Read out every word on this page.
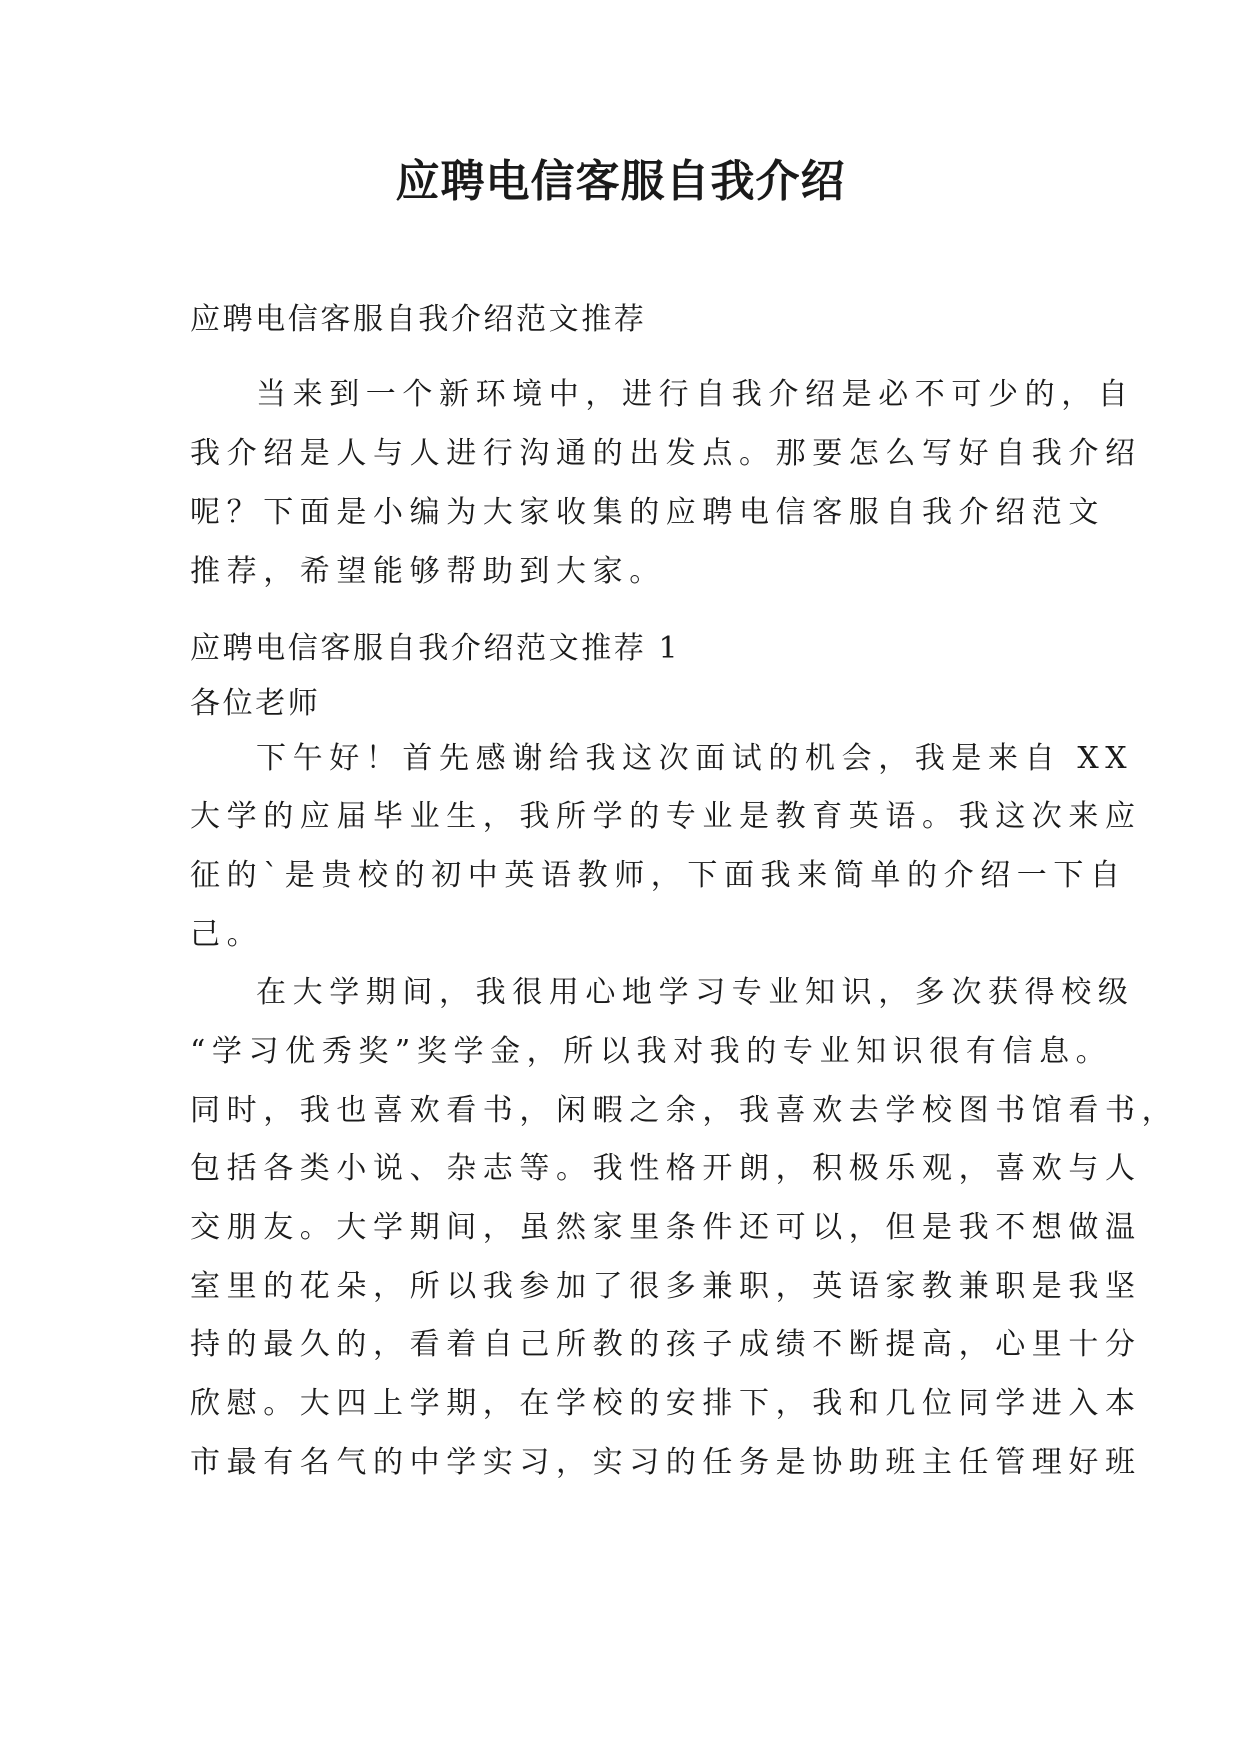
应聘电信客服自我介绍

应聘电信客服自我介绍范文推荐

当来到一个新环境中，进行自我介绍是必不可少的，自

我介绍是人与人进行沟通的出发点。那要怎么写好自我介绍

呢？下面是小编为大家收集的应聘电信客服自我介绍范文

推荐，希望能够帮助到大家。

应聘电信客服自我介绍范文推荐 1

各位老师

下午好！首先感谢给我这次面试的机会，我是来自 XX

大学的应届毕业生，我所学的专业是教育英语。我这次来应

征的`是贵校的初中英语教师，下面我来简单的介绍一下自

己。

在大学期间，我很用心地学习专业知识，多次获得校级

“学习优秀奖”奖学金，所以我对我的专业知识很有信息。

同时，我也喜欢看书，闲暇之余，我喜欢去学校图书馆看书，

包括各类小说、杂志等。我性格开朗，积极乐观，喜欢与人

交朋友。大学期间，虽然家里条件还可以，但是我不想做温

室里的花朵，所以我参加了很多兼职，英语家教兼职是我坚

持的最久的，看着自己所教的孩子成绩不断提高，心里十分

欣慰。大四上学期，在学校的安排下，我和几位同学进入本

市最有名气的中学实习，实习的任务是协助班主任管理好班
